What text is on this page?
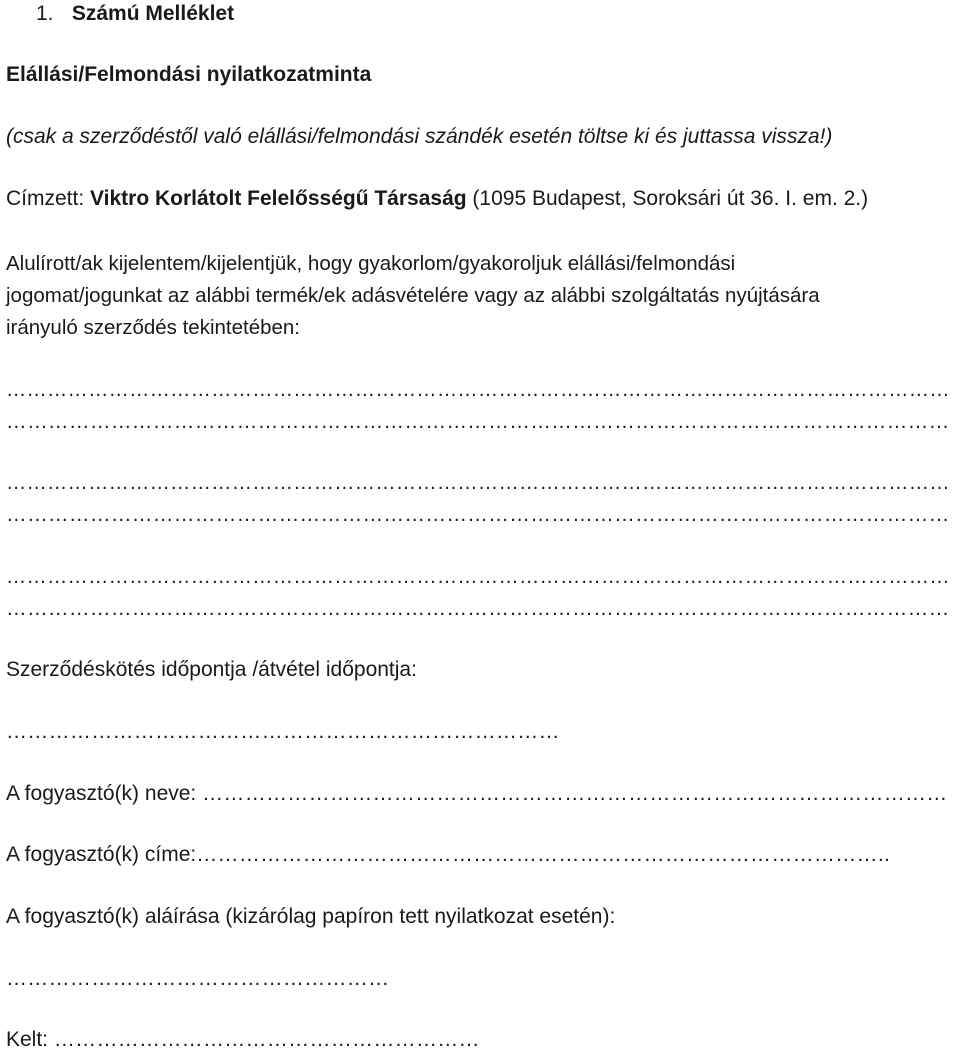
1. Számú Melléklet
Elállási/Felmondási nyilatkozatminta
(csak a szerződéstől való elállási/felmondási szándék esetén töltse ki és juttassa vissza!)
Címzett: Viktro Korlátolt Felelősségű Társaság (1095 Budapest, Soroksári út 36. I. em. 2.)
Alulírott/ak kijelentem/kijelentjük, hogy gyakorlom/gyakoroljuk elállási/felmondási
jogomat/jogunkat az alábbi termék/ek adásvételére vagy az alábbi szolgáltatás nyújtására
irányuló szerződés tekintetében:
…………………………………………………………………………………………………………………………
………………………………………………………………………………………………………………………
…………………………………………………………………………………………………………………………
………………………………………………………………………………………………………………………
…………………………………………………………………………………………………………………………
………………………………………………………………………………………………………………………
Szerződéskötés időpontja /átvétel időpontja:
……………………………………………………………………
A fogyasztó(k) neve: ……………………………………………………………………………………………
A fogyasztó(k) címe:……………………………………………………………………………………..
A fogyasztó(k) aláírása (kizárólag papíron tett nyilatkozat esetén):
………………………………………………
Kelt: ……………………………………………………
